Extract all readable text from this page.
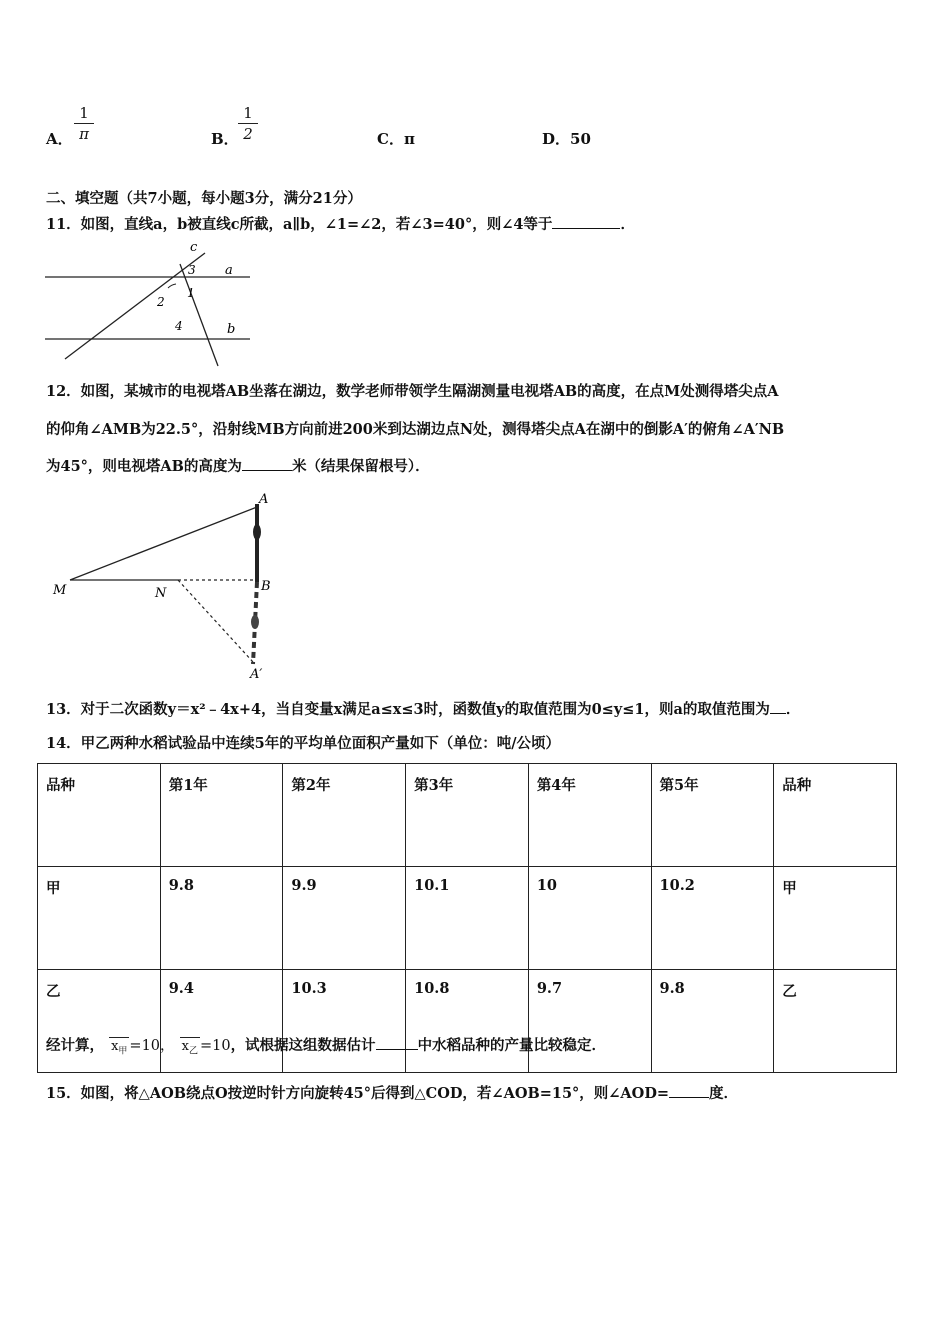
A． $\frac{1}{\pi}$	B． $\frac{1}{2}$	C．π	D．50
二、填空题（共7小题，每小题3分，满分21分）
11．如图，直线a，b被直线c所截，a∥b，∠1=∠2，若∠3=40°，则∠4等于	．
c
a
b
3
1
2
4
12．如图，某城市的电视塔AB坐落在湖边，数学老师带领学生隔湖测量电视塔AB的高度，在点M处测得塔尖点A
的仰角∠AMB为22.5°，沿射线MB方向前进200米到达湖边点N处，测得塔尖点A在湖中的倒影A′的俯角∠A′NB
为45°，则电视塔AB的高度为	米（结果保留根号）．
A
B
M	N
A′
13．对于二次函数y＝x²﹣4x+4，当自变量x满足a≤x≤3时，函数值y的取值范围为0≤y≤1，则a的取值范围为 ．
14．甲乙两种水稻试验品中连续5年的平均单位面积产量如下（单位：吨/公顷）
品种	第1年	第2年	第3年	第4年	第5年	品种
甲	9.8	9.9	10.1	10	10.2	甲
乙	9.4	10.3	10.8	9.7	9.8	乙
经计算， $x_甲 =10$， $x_乙 =10$，试根据这组数据估计	中水稻品种的产量比较稳定．
15．如图，将△AOB绕点O按逆时针方向旋转45°后得到△COD，若∠AOB=15°，则∠AOD=	度．
